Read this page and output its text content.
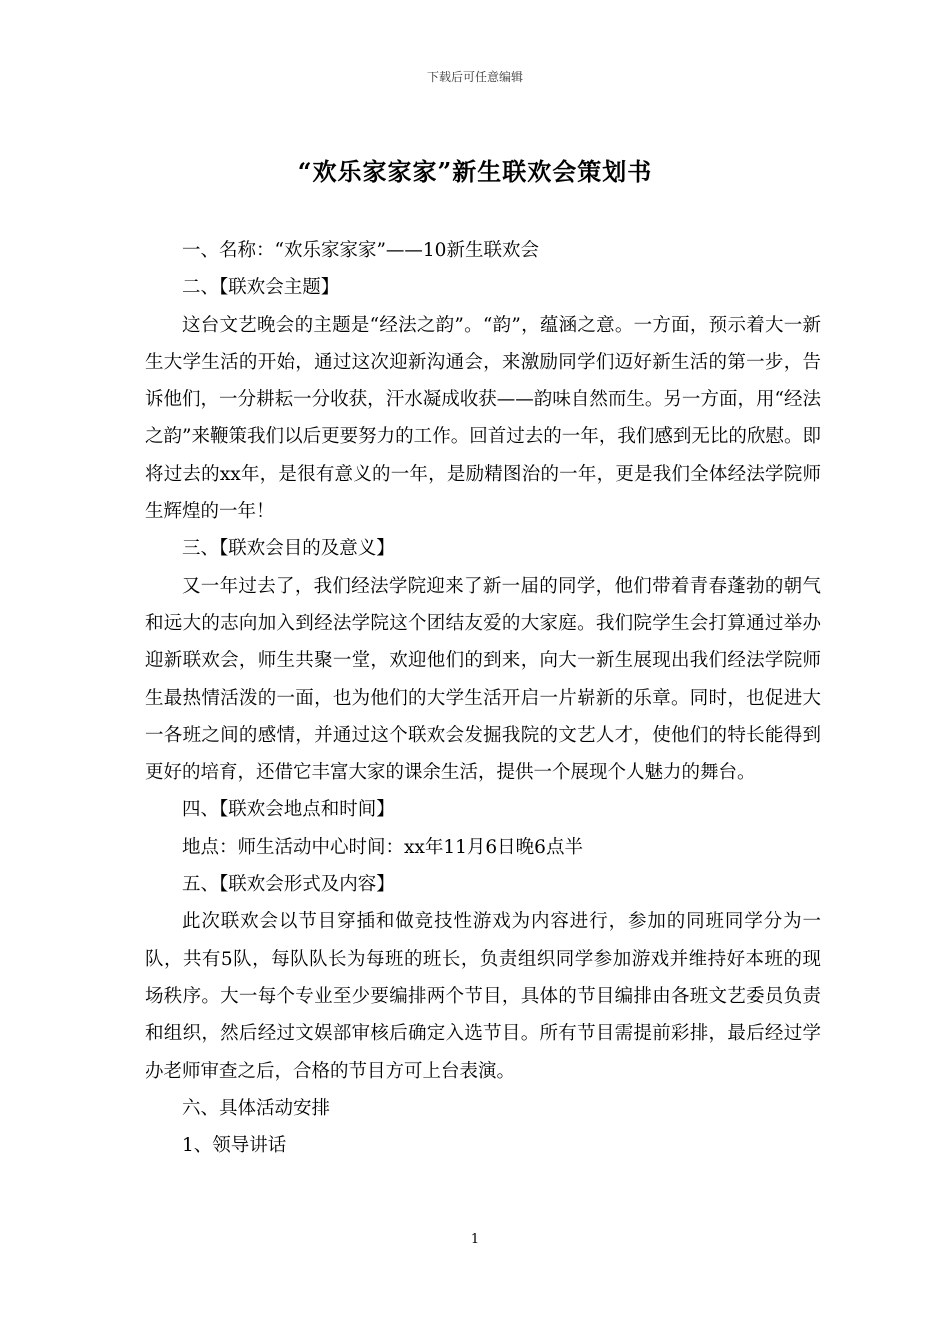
下载后可任意编辑
“欢乐家家家”新生联欢会策划书

一、名称：“欢乐家家家”——10新生联欢会

二、【联欢会主题】

这台文艺晚会的主题是“经法之韵”。“韵”，蕴涵之意。一方面，预示着大一新生大学生活的开始，通过这次迎新沟通会，来激励同学们迈好新生活的第一步，告诉他们，一分耕耘一分收获，汗水凝成收获——韵味自然而生。另一方面，用“经法之韵”来鞭策我们以后更要努力的工作。回首过去的一年，我们感到无比的欣慰。即将过去的xx年，是很有意义的一年，是励精图治的一年，更是我们全体经法学院师生辉煌的一年！

三、【联欢会目的及意义】

又一年过去了，我们经法学院迎来了新一届的同学，他们带着青春蓬勃的朝气和远大的志向加入到经法学院这个团结友爱的大家庭。我们院学生会打算通过举办迎新联欢会，师生共聚一堂，欢迎他们的到来，向大一新生展现出我们经法学院师生最热情活泼的一面，也为他们的大学生活开启一片崭新的乐章。同时，也促进大一各班之间的感情，并通过这个联欢会发掘我院的文艺人才，使他们的特长能得到更好的培育，还借它丰富大家的课余生活，提供一个展现个人魅力的舞台。

四、【联欢会地点和时间】

地点：师生活动中心时间：xx年11月6日晚6点半

五、【联欢会形式及内容】

此次联欢会以节目穿插和做竞技性游戏为内容进行，参加的同班同学分为一队，共有5队，每队队长为每班的班长，负责组织同学参加游戏并维持好本班的现场秩序。大一每个专业至少要编排两个节目，具体的节目编排由各班文艺委员负责和组织，然后经过文娱部审核后确定入选节目。所有节目需提前彩排，最后经过学办老师审查之后，合格的节目方可上台表演。

六、具体活动安排

1、领导讲话

1
